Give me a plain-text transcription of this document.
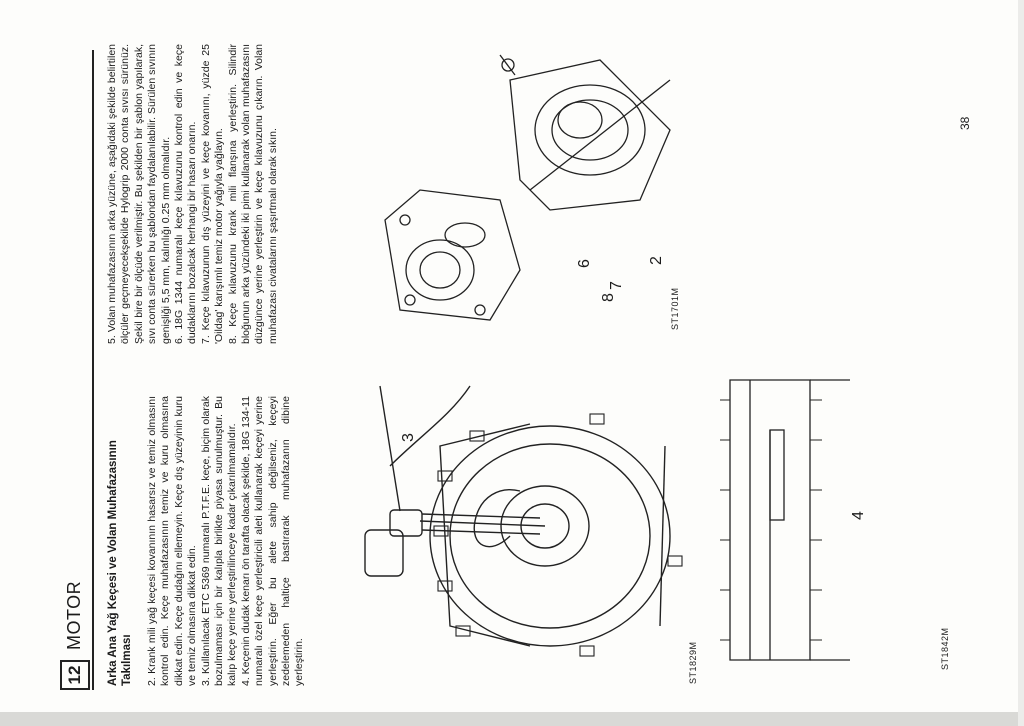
12
MOTOR	Arka Ana Yağ Keçesi ve Volan Muhafazasının Takılması 2. Krank mili yağ keçesi kovanının hasarsız ve temiz olmasını kontrol edin. Keçe muhafazasının temiz ve kuru olmasına dikkat edin. Keçe dudağını ellemeyin. Keçe dış yüzeyinin kuru ve temiz olmasına dikkat edin. 3. Kullanılacak ETC 5369 numaralı P.T.F.E. keçe, biçim olarak bozulmaması için bir kalıpla birlikte piyasa sunulmuştur. Bu kalıp keçe yerine yerleştirilinceye kadar çıkarılmamalıdır. 4. Keçenin dudak kenarı ön tarafta olacak şekilde, 18G 134-11 numaralı özel keçe yerleştiricili aleti kullanarak keçeyi yerine yerleştirin. Eğer bu alete sahip değilseniz, keçeyi zedelemeden haltiçe bastırarak muhafazanın dibine yerleştirin.

5. Volan muhafazasının arka yüzüne, aşağıdaki şekilde belirtilen ölçüler geçmeyecekşekilde Hylogrip 2000 conta sıvısı sürünüz. Şekil bire bir ölçüde verilmiştir. Bu şekilden bir şablon yapılarak, sıvı conta sürerken bu şablondan faydalanılabilir. Sürülen sıvının genişliği 5,5 mm, kalınlığı 0.25 mm olmalıdır. 6. 18G 1344 numaralı keçe kılavuzunu kontrol edin ve keçe dudaklarını bozalcak herhangi bir hasarı onarın. 7. Keçe kılavuzunun dış yüzeyini ve keçe kovanını, yüzde 25 'Oildag' karışımlı temiz motor yağıyla yağlayın. 8. Keçe kılavuzunu krank mili flanşına yerleştirin. Silindir bloğunun arka yüzündeki iki pimi kullanarak volan muhafazasını düzgünce yerine yerleştirin ve keçe kılavuzunu çıkarın. Volan muhafazası civatalarını şaşırtmalı olarak sıkın.

3
ST1829M
6
8
7
2
ST1701M
4
ST1842M
38
